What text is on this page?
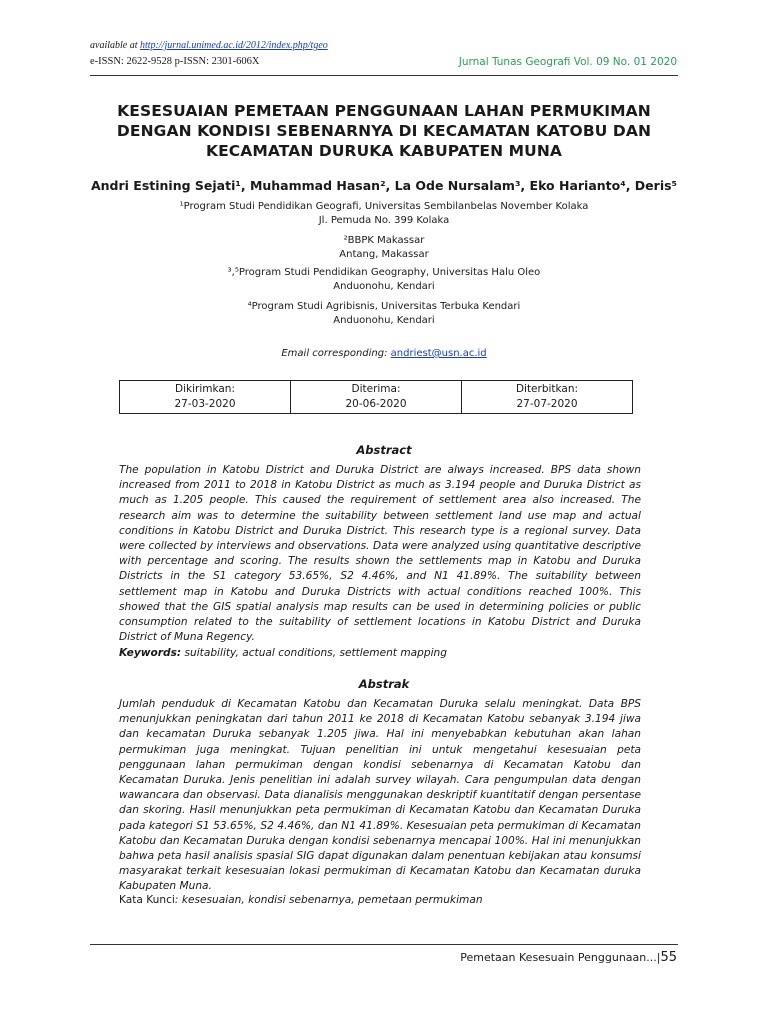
available at http://jurnal.unimed.ac.id/2012/index.php/tgeo
e-ISSN: 2622-9528 p-ISSN: 2301-606X	Jurnal Tunas Geografi Vol. 09 No. 01 2020
KESESUAIAN PEMETAAN PENGGUNAAN LAHAN PERMUKIMAN
DENGAN KONDISI SEBENARNYA DI KECAMATAN KATOBU DAN
KECAMATAN DURUKA KABUPATEN MUNA
Andri Estining Sejati¹, Muhammad Hasan², La Ode Nursalam³, Eko Harianto⁴, Deris⁵
¹Program Studi Pendidikan Geografi, Universitas Sembilanbelas November Kolaka
Jl. Pemuda No. 399 Kolaka
²BBPK Makassar
Antang, Makassar
³,⁵Program Studi Pendidikan Geography, Universitas Halu Oleo
Anduonohu, Kendari
⁴Program Studi Agribisnis, Universitas Terbuka Kendari
Anduonohu, Kendari
Email corresponding: andriest@usn.ac.id
Dikirimkan:
27-03-2020

Diterima:
20-06-2020

Diterbitkan:
27-07-2020
Abstract
The population in Katobu District and Duruka District are always increased. BPS data shown increased from 2011 to 2018 in Katobu District as much as 3.194 people and Duruka District as much as 1.205 people. This caused the requirement of settlement area also increased. The research aim was to determine the suitability between settlement land use map and actual conditions in Katobu District and Duruka District. This research type is a regional survey. Data were collected by interviews and observations. Data were analyzed using quantitative descriptive with percentage and scoring. The results shown the settlements map in Katobu and Duruka Districts in the S1 category 53.65%, S2 4.46%, and N1 41.89%. The suitability between settlement map in Katobu and Duruka Districts with actual conditions reached 100%. This showed that the GIS spatial analysis map results can be used in determining policies or public consumption related to the suitability of settlement locations in Katobu District and Duruka District of Muna Regency.
Keywords: suitability, actual conditions, settlement mapping
Abstrak
Jumlah penduduk di Kecamatan Katobu dan Kecamatan Duruka selalu meningkat. Data BPS menunjukkan peningkatan dari tahun 2011 ke 2018 di Kecamatan Katobu sebanyak 3.194 jiwa dan kecamatan Duruka sebanyak 1.205 jiwa. Hal ini menyebabkan kebutuhan akan lahan permukiman juga meningkat. Tujuan penelitian ini untuk mengetahui kesesuaian peta penggunaan lahan permukiman dengan kondisi sebenarnya di Kecamatan Katobu dan Kecamatan Duruka. Jenis penelitian ini adalah survey wilayah. Cara pengumpulan data dengan wawancara dan observasi. Data dianalisis menggunakan deskriptif kuantitatif dengan persentase dan skoring. Hasil menunjukkan peta permukiman di Kecamatan Katobu dan Kecamatan Duruka pada kategori S1 53.65%, S2 4.46%, dan N1 41.89%. Kesesuaian peta permukiman di Kecamatan Katobu dan Kecamatan Duruka dengan kondisi sebenarnya mencapai 100%. Hal ini menunjukkan bahwa peta hasil analisis spasial SIG dapat digunakan dalam penentuan kebijakan atau konsumsi masyarakat terkait kesesuaian lokasi permukiman di Kecamatan Katobu dan Kecamatan duruka Kabupaten Muna.
Kata Kunci: kesesuaian, kondisi sebenarnya, pemetaan permukiman
Pemetaan Kesesuain Penggunaan...|55
